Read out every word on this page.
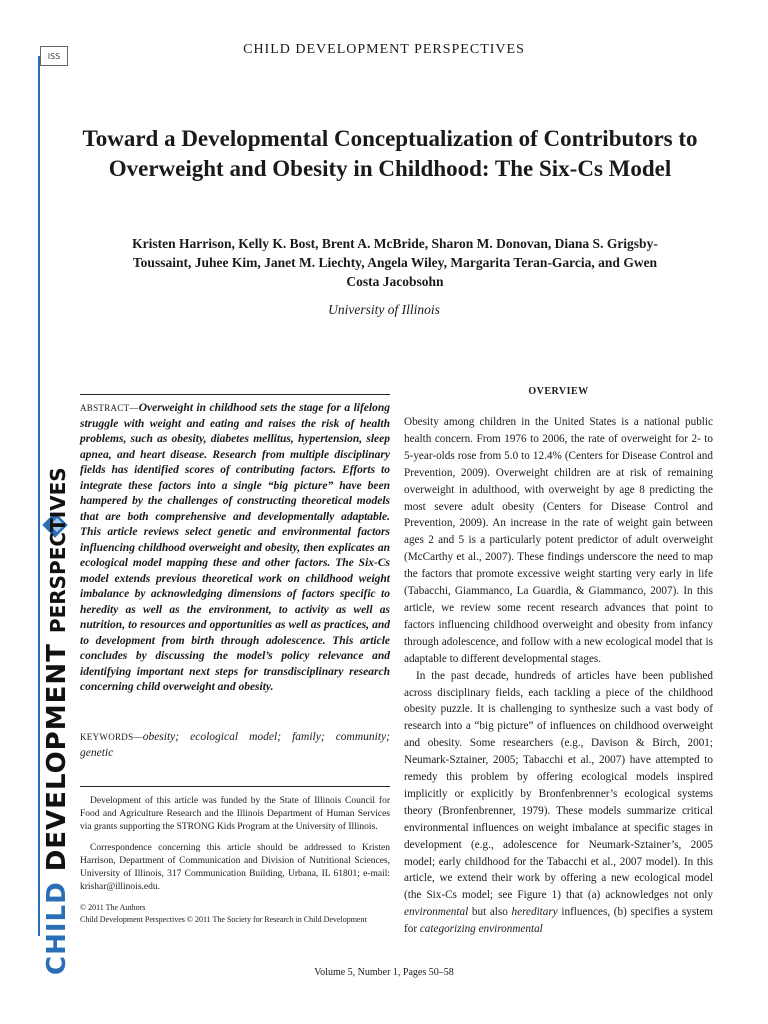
ISS
CHILD DEVELOPMENT PERSPECTIVES
CHILD DEVELOPMENT PERSPECTIVES
Toward a Developmental Conceptualization of Contributors to Overweight and Obesity in Childhood: The Six-Cs Model
Kristen Harrison, Kelly K. Bost, Brent A. McBride, Sharon M. Donovan, Diana S. Grigsby-Toussaint, Juhee Kim, Janet M. Liechty, Angela Wiley, Margarita Teran-Garcia, and Gwen Costa Jacobsohn
University of Illinois
ABSTRACT—Overweight in childhood sets the stage for a lifelong struggle with weight and eating and raises the risk of health problems, such as obesity, diabetes mellitus, hypertension, sleep apnea, and heart disease. Research from multiple disciplinary fields has identified scores of contributing factors. Efforts to integrate these factors into a single “big picture” have been hampered by the challenges of constructing theoretical models that are both comprehensive and developmentally adaptable. This article reviews select genetic and environmental factors influencing childhood overweight and obesity, then explicates an ecological model mapping these and other factors. The Six-Cs model extends previous theoretical work on childhood weight imbalance by acknowledging dimensions of factors specific to heredity as well as the environment, to activity as well as nutrition, to resources and opportunities as well as practices, and to development from birth through adolescence. This article concludes by discussing the model’s policy relevance and identifying important next steps for transdisciplinary research concerning child overweight and obesity.
KEYWORDS—obesity; ecological model; family; community; genetic

Development of this article was funded by the State of Illinois Council for Food and Agriculture Research and the Illinois Department of Human Services via grants supporting the STRONG Kids Program at the University of Illinois.

Correspondence concerning this article should be addressed to Kristen Harrison, Department of Communication and Division of Nutritional Sciences, University of Illinois, 317 Communication Building, Urbana, IL 61801; e-mail: krishar@illinois.edu.

© 2011 The Authors
Child Development Perspectives © 2011 The Society for Research in Child Development
OVERVIEW

Obesity among children in the United States is a national public health concern. From 1976 to 2006, the rate of overweight for 2- to 5-year-olds rose from 5.0 to 12.4% (Centers for Disease Control and Prevention, 2009). Overweight children are at risk of remaining overweight in adulthood, with overweight by age 8 predicting the most severe adult obesity (Centers for Disease Control and Prevention, 2009). An increase in the rate of weight gain between ages 2 and 5 is a particularly potent predictor of adult overweight (McCarthy et al., 2007). These findings underscore the need to map the factors that promote excessive weight starting very early in life (Tabacchi, Giammanco, La Guardia, & Giammanco, 2007). In this article, we review some recent research advances that point to factors influencing childhood overweight and obesity from infancy through adolescence, and follow with a new ecological model that is adaptable to different developmental stages.

In the past decade, hundreds of articles have been published across disciplinary fields, each tackling a piece of the childhood obesity puzzle. It is challenging to synthesize such a vast body of research into a “big picture” of influences on childhood overweight and obesity. Some researchers (e.g., Davison & Birch, 2001; Neumark-Sztainer, 2005; Tabacchi et al., 2007) have attempted to remedy this problem by offering ecological models inspired implicitly or explicitly by Bronfenbrenner’s ecological systems theory (Bronfenbrenner, 1979). These models summarize critical environmental influences on weight imbalance at specific stages in development (e.g., adolescence for Neumark-Sztainer’s, 2005 model; early childhood for the Tabacchi et al., 2007 model). In this article, we extend their work by offering a new ecological model (the Six-Cs model; see Figure 1) that (a) acknowledges not only environmental but also hereditary influences, (b) specifies a system for categorizing environmental

Volume 5, Number 1, Pages 50–58
